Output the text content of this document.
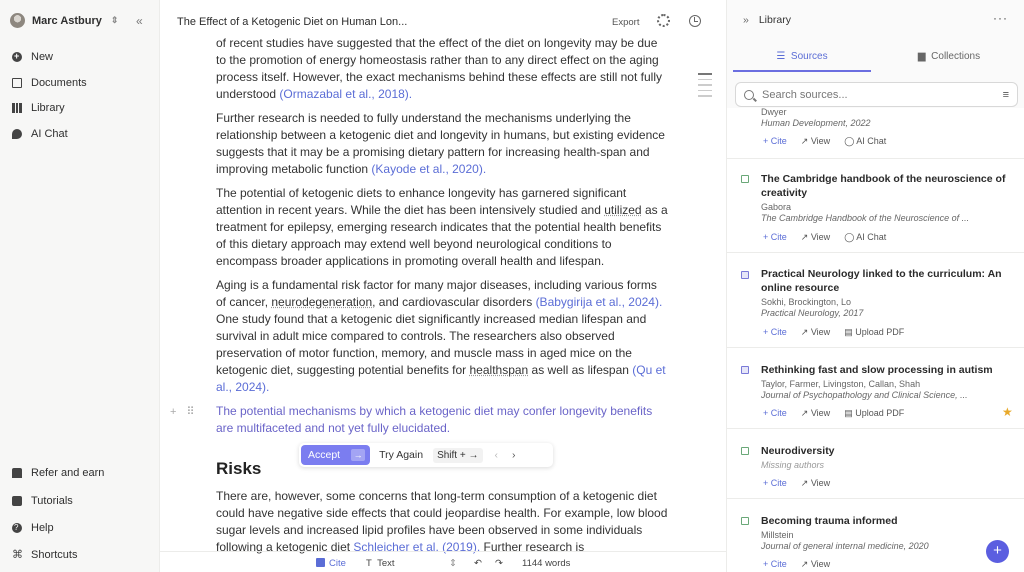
Marc Astbury ⇕ «
+
New
Documents
Library
AI Chat
Refer and earn
Tutorials
?
Help
⌘ Shortcuts
The Effect of a Ketogenic Diet on Human Lon...	Export
of recent studies have suggested that the effect of the diet on longevity may be due to the promotion of energy homeostasis rather than to any direct effect on the aging process itself. However, the exact mechanisms behind these effects are still not fully understood (Ormazabal et al., 2018).
Further research is needed to fully understand the mechanisms underlying the relationship between a ketogenic diet and longevity in humans, but existing evidence suggests that it may be a promising dietary pattern for increasing health-span and improving metabolic function (Kayode et al., 2020).
The potential of ketogenic diets to enhance longevity has garnered significant attention in recent years. While the diet has been intensively studied and utilized as a treatment for epilepsy, emerging research indicates that the potential health benefits of this dietary approach may extend well beyond neurological conditions to encompass broader applications in promoting overall health and lifespan.
Aging is a fundamental risk factor for many major diseases, including various forms of cancer, neurodegeneration, and cardiovascular disorders (Babygirija et al., 2024). One study found that a ketogenic diet significantly increased median lifespan and survival in adult mice compared to controls. The researchers also observed preservation of motor function, memory, and muscle mass in aged mice on the ketogenic diet, suggesting potential benefits for healthspan as well as lifespan (Qu et al., 2024).
+⠿ The potential mechanisms by which a ketogenic diet may confer longevity benefits are multifaceted and not yet fully elucidated.
Accept → Try Again	Shift + →	‹ ›
Risks
There are, however, some concerns that long-term consumption of a ketogenic diet could have negative side effects that could jeopardise health. For example, low blood sugar levels and increased lipid profiles have been observed in some individuals following a ketogenic diet Schleicher et al. (2019). Further research is
Cite T  Text	⇕ ↶ ↷ 1144 words
» Library	···
☰  Sources	▆  Collections
Search sources...	≡
Dwyer
Human Development, 2022
+ Cite ↗ View ◯ AI Chat
The Cambridge handbook of the neuroscience of creativity
Gabora
The Cambridge Handbook of the Neuroscience of ...
+ Cite ↗ View ◯ AI Chat
Practical Neurology linked to the curriculum: An online resource
Sokhi, Brockington, Lo
Practical Neurology, 2017
+ Cite ↗ View ▤ Upload PDF
Rethinking fast and slow processing in autism
Taylor, Farmer, Livingston, Callan, Shah
Journal of Psychopathology and Clinical Science, ...
+ Cite ↗ View ▤ Upload PDF	★
Neurodiversity
Missing authors
+ Cite ↗ View
Becoming trauma informed
Millstein
Journal of general internal medicine, 2020
+ Cite ↗ View
+
